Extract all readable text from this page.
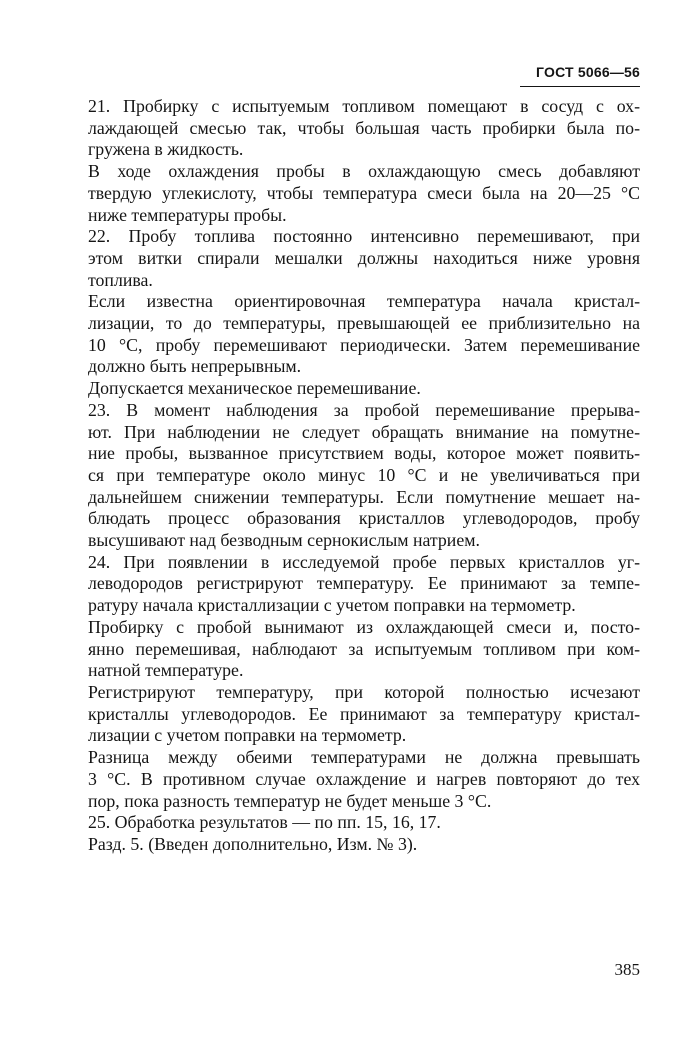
ГОСТ 5066—56

21. Пробирку с испытуемым топливом помещают в сосуд с ох-
лаждающей смесью так, чтобы большая часть пробирки была по-
гружена в жидкость.

В ходе охлаждения пробы в охлаждающую смесь добавляют
твердую углекислоту, чтобы температура смеси была на 20—25 °С
ниже температуры пробы.

22. Пробу топлива постоянно интенсивно перемешивают, при
этом витки спирали мешалки должны находиться ниже уровня
топлива.

Если известна ориентировочная температура начала кристал-
лизации, то до температуры, превышающей ее приблизительно на
10 °С, пробу перемешивают периодически. Затем перемешивание
должно быть непрерывным.

Допускается механическое перемешивание.

23. В момент наблюдения за пробой перемешивание прерыва-
ют. При наблюдении не следует обращать внимание на помутне-
ние пробы, вызванное присутствием воды, которое может появить-
ся при температуре около минус 10 °С и не увеличиваться при
дальнейшем снижении температуры. Если помутнение мешает на-
блюдать процесс образования кристаллов углеводородов, пробу
высушивают над безводным сернокислым натрием.

24. При появлении в исследуемой пробе первых кристаллов уг-
леводородов регистрируют температуру. Ее принимают за темпе-
ратуру начала кристаллизации с учетом поправки на термометр.

Пробирку с пробой вынимают из охлаждающей смеси и, посто-
янно перемешивая, наблюдают за испытуемым топливом при ком-
натной температуре.

Регистрируют температуру, при которой полностью исчезают
кристаллы углеводородов. Ее принимают за температуру кристал-
лизации с учетом поправки на термометр.

Разница между обеими температурами не должна превышать
3 °С. В противном случае охлаждение и нагрев повторяют до тех
пор, пока разность температур не будет меньше 3 °С.

25. Обработка результатов — по пп. 15, 16, 17.

Разд. 5. (Введен дополнительно, Изм. № 3).

385
